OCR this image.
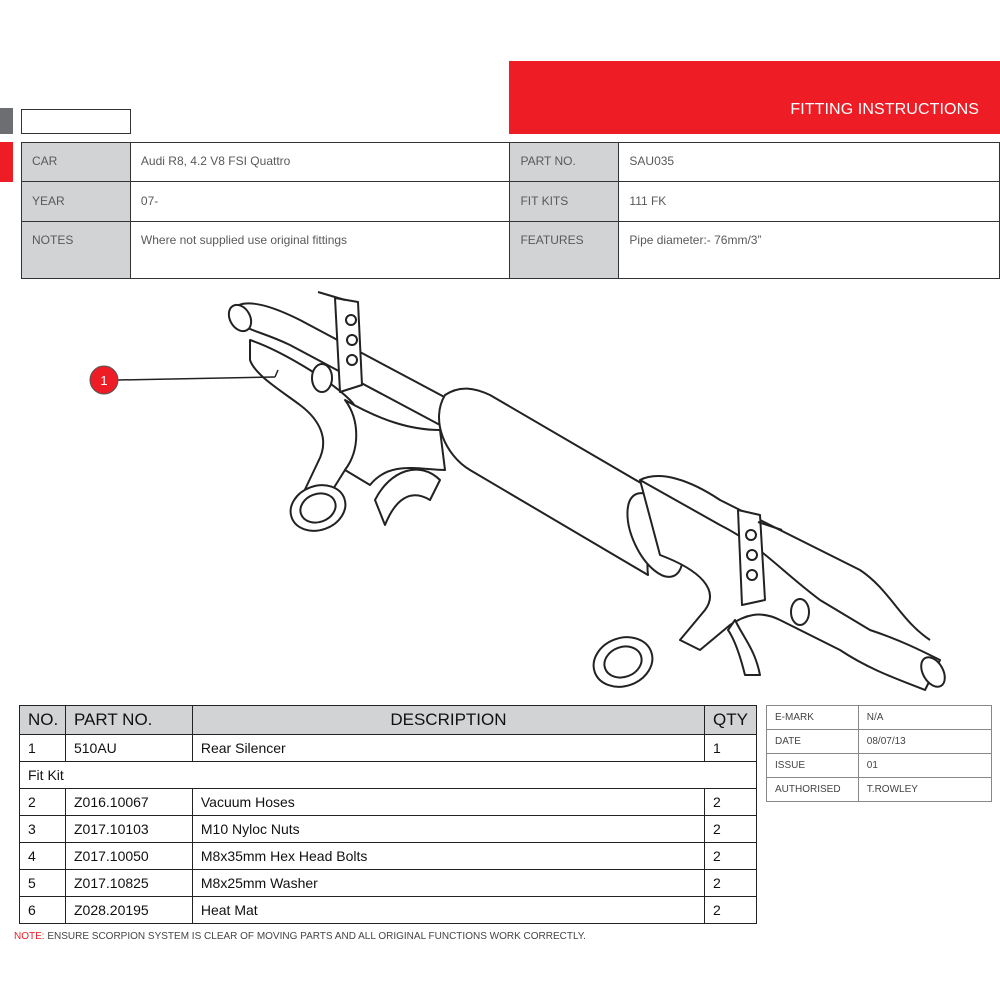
FITTING INSTRUCTIONS
CAR	Audi R8, 4.2 V8 FSI Quattro	PART NO.	SAU035
YEAR	07-	FIT KITS	111 FK
NOTES	Where not supplied use original fittings	FEATURES	Pipe diameter:- 76mm/3”
1
NO.	PART NO.	DESCRIPTION	QTY
1	510AU	Rear Silencer	1
Fit Kit			
2	Z016.10067	Vacuum Hoses	2
3	Z017.10103	M10 Nyloc Nuts	2
4	Z017.10050	M8x35mm Hex Head Bolts	2
5	Z017.10825	M8x25mm Washer	2
6	Z028.20195	Heat Mat	2
E-MARK	N/A
DATE	08/07/13
ISSUE	01
AUTHORISED	T.ROWLEY
NOTE: ENSURE SCORPION SYSTEM IS CLEAR OF MOVING PARTS AND ALL ORIGINAL FUNCTIONS WORK CORRECTLY.
